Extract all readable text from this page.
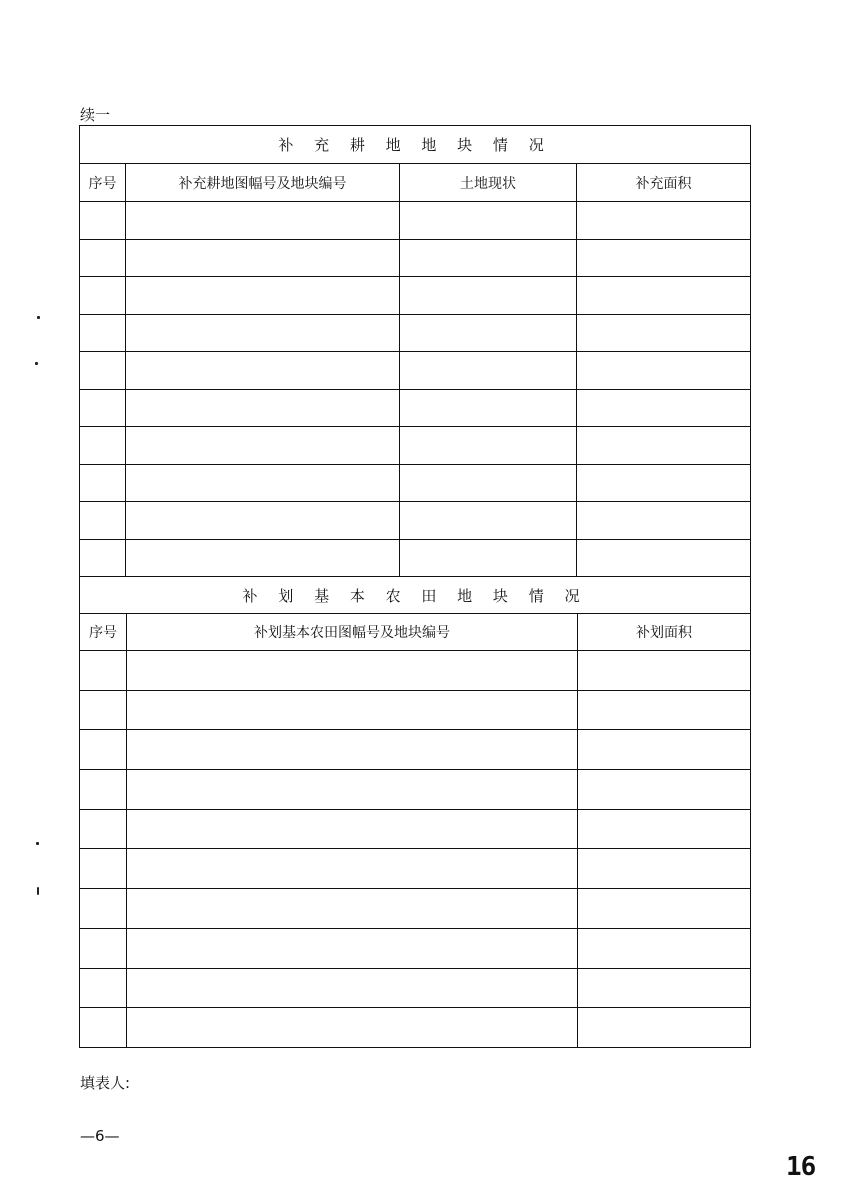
续一
补 充 耕 地 地 块 情 况			
序号	补充耕地图幅号及地块编号	土地现状	补充面积

补 划 基 本 农 田 地 块 情 况		
序号	补划基本农田图幅号及地块编号	补划面积

填表人:
—6—
16
